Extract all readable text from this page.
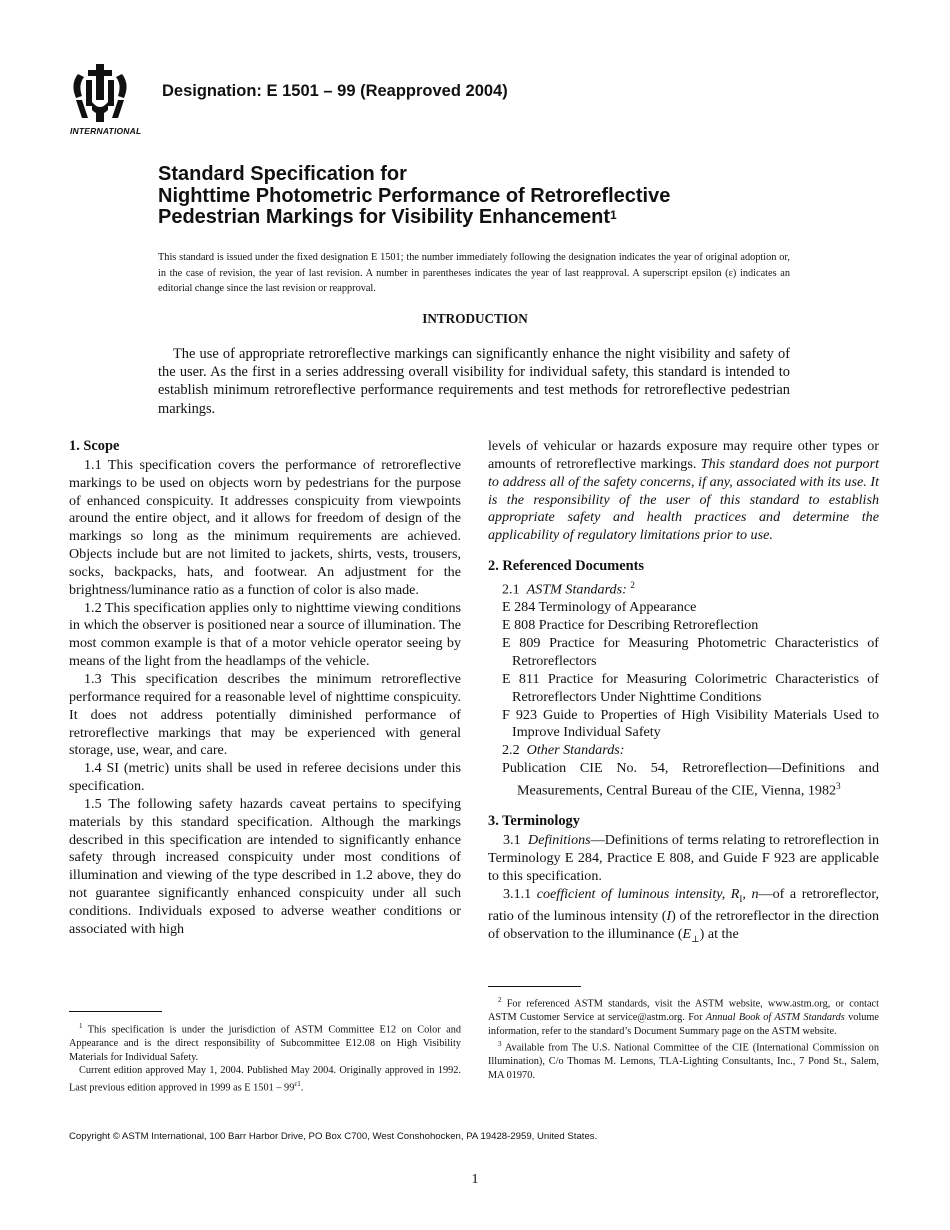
INTERNATIONAL
Designation: E 1501 – 99 (Reapproved 2004)
Standard Specification for
Nighttime Photometric Performance of Retroreflective
Pedestrian Markings for Visibility Enhancement$^1$
This standard is issued under the fixed designation E 1501; the number immediately following the designation indicates the year of original adoption or, in the case of revision, the year of last revision. A number in parentheses indicates the year of last reapproval. A superscript epsilon (ε) indicates an editorial change since the last revision or reapproval.
INTRODUCTION
The use of appropriate retroreflective markings can significantly enhance the night visibility and safety of the user. As the first in a series addressing overall visibility for individual safety, this standard is intended to establish minimum retroreflective performance requirements and test methods for retroreflective pedestrian markings.
1. Scope

1.1 This specification covers the performance of retroreflective markings to be used on objects worn by pedestrians for the purpose of enhanced conspicuity. It addresses conspicuity from viewpoints around the entire object, and it allows for freedom of design of the markings so long as the minimum requirements are achieved. Objects include but are not limited to jackets, shirts, vests, trousers, socks, backpacks, hats, and footwear. An adjustment for the brightness/luminance ratio as a function of color is also made.

1.2 This specification applies only to nighttime viewing conditions in which the observer is positioned near a source of illumination. The most common example is that of a motor vehicle operator seeing by means of the light from the headlamps of the vehicle.

1.3 This specification describes the minimum retroreflective performance required for a reasonable level of nighttime conspicuity. It does not address potentially diminished performance of retroreflective markings that may be experienced with general storage, use, wear, and care.

1.4 SI (metric) units shall be used in referee decisions under this specification.

1.5 The following safety hazards caveat pertains to specifying materials by this standard specification. Although the markings described in this specification are intended to significantly enhance safety through increased conspicuity under most conditions of illumination and viewing of the type described in 1.2 above, they do not guarantee significantly enhanced conspicuity under all such conditions. Individuals exposed to adverse weather conditions or associated with high

$^1$ This specification is under the jurisdiction of ASTM Committee E12 on Color and Appearance and is the direct responsibility of Subcommittee E12.08 on High Visibility Materials for Individual Safety.

Current edition approved May 1, 2004. Published May 2004. Originally approved in 1992. Last previous edition approved in 1999 as E $1501 - 99^{\varepsilon 1}$.

levels of vehicular or hazards exposure may require other types or amounts of retroreflective markings. This standard does not purport to address all of the safety concerns, if any, associated with its use. It is the responsibility of the user of this standard to establish appropriate safety and health practices and determine the applicability of regulatory limitations prior to use.

2. Referenced Documents

2.1 ASTM Standards: $^2$

E 284 Terminology of Appearance

E 808 Practice for Describing Retroreflection

E 809 Practice for Measuring Photometric Characteristics of Retroreflectors

E 811 Practice for Measuring Colorimetric Characteristics of Retroreflectors Under Nighttime Conditions

F 923 Guide to Properties of High Visibility Materials Used to Improve Individual Safety

2.2 Other Standards:

Publication CIE No. 54, Retroreflection—Definitions and Measurements, Central Bureau of the CIE, Vienna, 1982$^3$

3. Terminology

3.1 Definitions—Definitions of terms relating to retroreflection in Terminology E 284, Practice E 808, and Guide F 923 are applicable to this specification.

3.1.1 coefficient of luminous intensity, $R_I$, n—of a retroreflector, ratio of the luminous intensity (I) of the retroreflector in the direction of observation to the illuminance $(E_\perp)$ at the

$^2$ For referenced ASTM standards, visit the ASTM website, www.astm.org, or contact ASTM Customer Service at service@astm.org. For Annual Book of ASTM Standards volume information, refer to the standard’s Document Summary page on the ASTM website.

$^3$ Available from The U.S. National Committee of the CIE (International Commission on Illumination), C/o Thomas M. Lemons, TLA-Lighting Consultants, Inc., 7 Pond St., Salem, MA 01970.

Copyright © ASTM International, 100 Barr Harbor Drive, PO Box C700, West Conshohocken, PA 19428-2959, United States.
1
